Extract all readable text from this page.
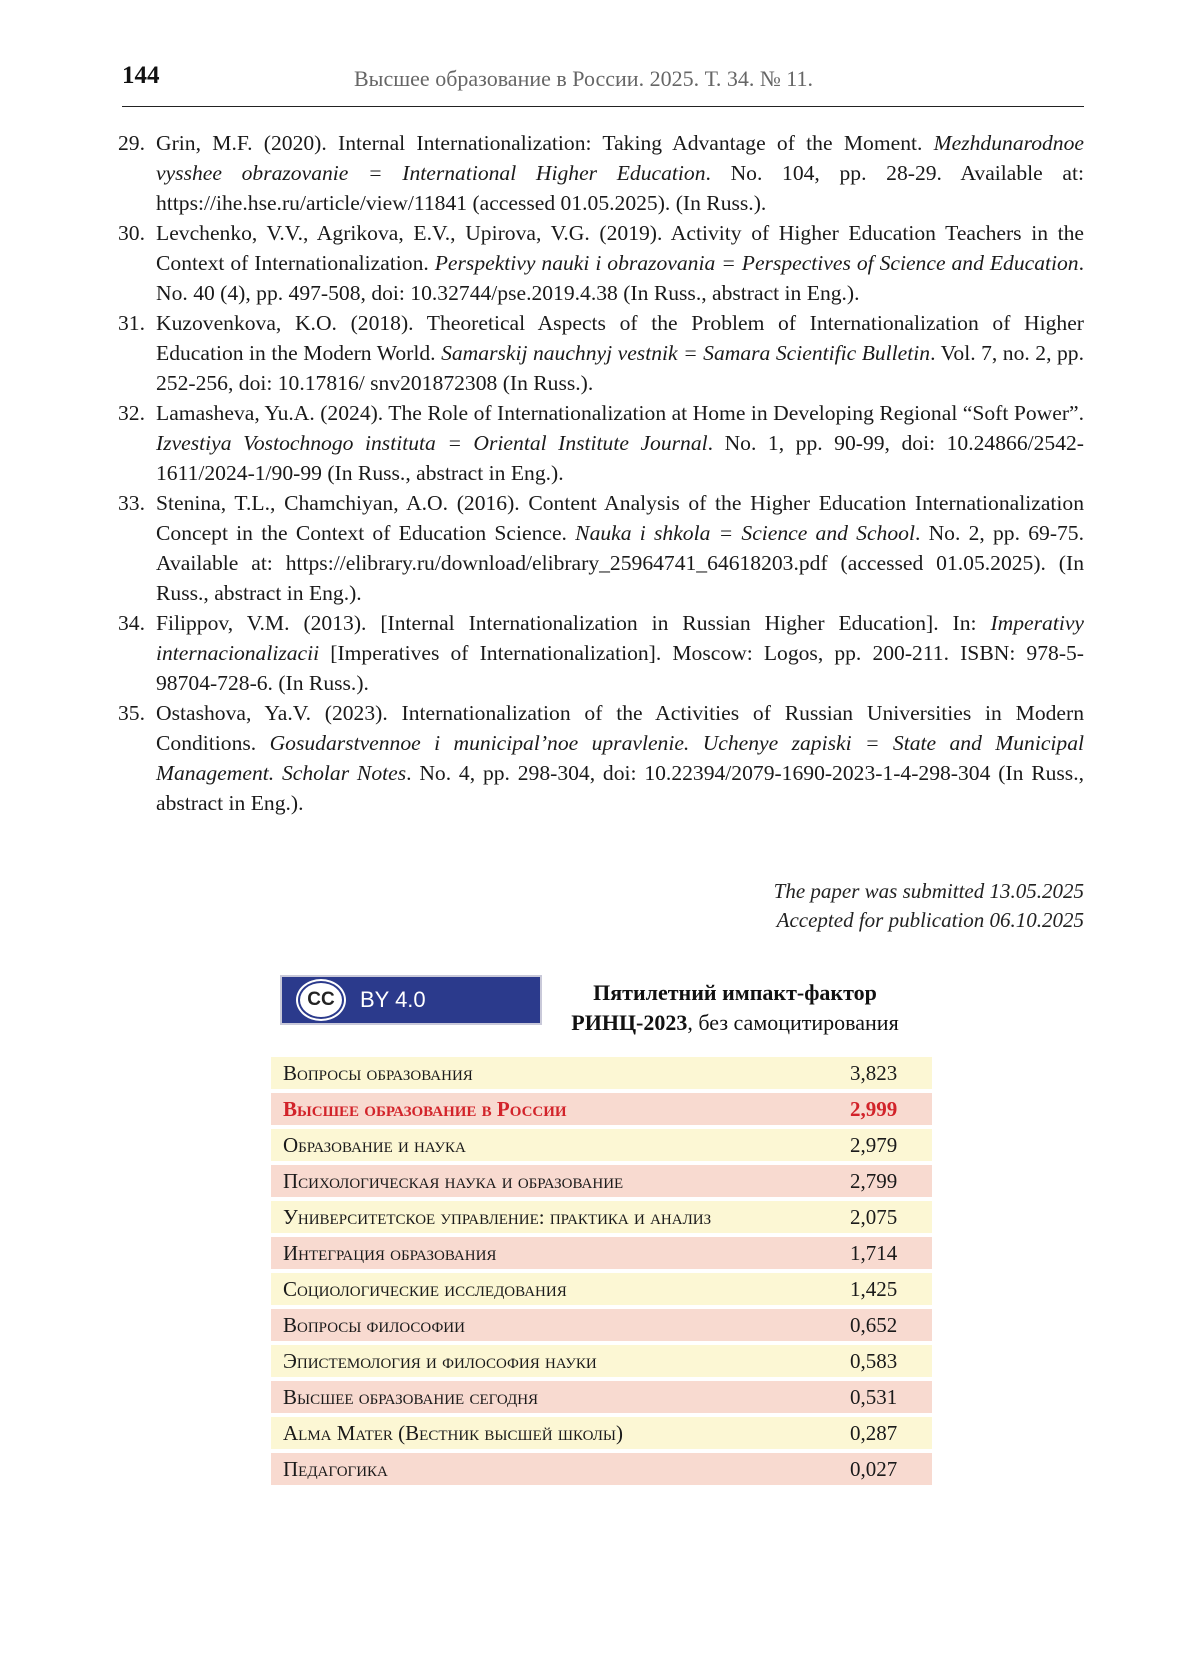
144	Высшее образование в России. 2025. Т. 34. № 11.
29. Grin, M.F. (2020). Internal Internationalization: Taking Advantage of the Moment. Mezhdunarodnoe vysshee obrazovanie = International Higher Education. No. 104, pp. 28-29. Available at: https://ihe.hse.ru/article/view/11841 (accessed 01.05.2025). (In Russ.).
30. Levchenko, V.V., Agrikova, E.V., Upirova, V.G. (2019). Activity of Higher Education Teachers in the Context of Internationalization. Perspektivy nauki i obrazovania = Perspectives of Science and Education. No. 40 (4), pp. 497-508, doi: 10.32744/pse.2019.4.38 (In Russ., abstract in Eng.).
31. Kuzovenkova, K.O. (2018). Theoretical Aspects of the Problem of Internationalization of Higher Education in the Modern World. Samarskij nauchnyj vestnik = Samara Scientific Bulletin. Vol. 7, no. 2, pp. 252-256, doi: 10.17816/ snv201872308 (In Russ.).
32. Lamasheva, Yu.A. (2024). The Role of Internationalization at Home in Developing Regional “Soft Power”. Izvestiya Vostochnogo instituta = Oriental Institute Journal. No. 1, pp. 90-99, doi: 10.24866/2542-1611/2024-1/90-99 (In Russ., abstract in Eng.).
33. Stenina, T.L., Chamchiyan, A.O. (2016). Content Analysis of the Higher Education Internationalization Concept in the Context of Education Science. Nauka i shkola = Science and School. No. 2, pp. 69-75. Available at: https://elibrary.ru/download/elibrary_25964741_64618203.pdf (accessed 01.05.2025). (In Russ., abstract in Eng.).
34. Filippov, V.M. (2013). [Internal Internationalization in Russian Higher Education]. In: Imperativy internacionalizacii [Imperatives of Internationalization]. Moscow: Logos, pp. 200-211. ISBN: 978-5-98704-728-6. (In Russ.).
35. Ostashova, Ya.V. (2023). Internationalization of the Activities of Russian Universities in Modern Conditions. Gosudarstvennoe i municipal’noe upravlenie. Uchenye zapiski = State and Municipal Management. Scholar Notes. No. 4, pp. 298-304, doi: 10.22394/2079-1690-2023-1-4-298-304 (In Russ., abstract in Eng.).
The paper was submitted 13.05.2025
Accepted for publication 06.10.2025
CC	BY 4.0	Пятилетний импакт-фактор
РИНЦ-2023, без самоцитирования
Вопросы образования	3,823
Высшее образование в России	2,999
Образование и наука	2,979
Психологическая наука и образование	2,799
Университетское управление: практика и анализ	2,075
Интеграция образования	1,714
Социологические исследования	1,425
Вопросы философии	0,652
Эпистемология и философия науки	0,583
Высшее образование сегодня	0,531
Alma Mater (Вестник высшей школы)	0,287
Педагогика	0,027
